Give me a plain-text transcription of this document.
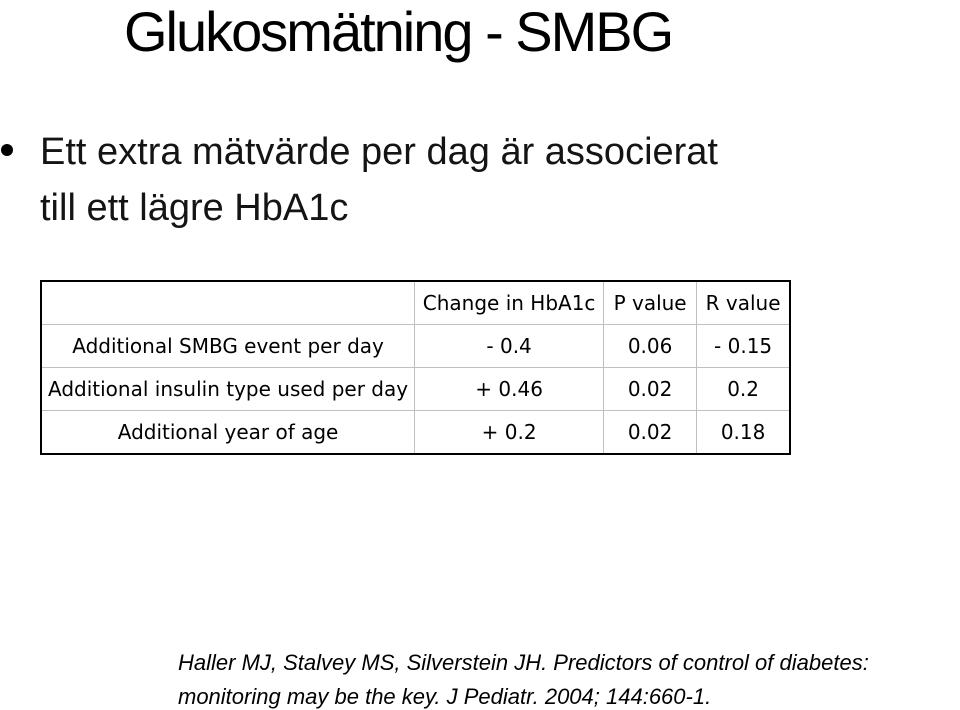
Glukosmätning - SMBG
Ett extra mätvärde per dag är associerat
till ett lägre HbA1c
	Change in HbA1c	P value	R value
Additional SMBG event per day	- 0.4	0.06	- 0.15
Additional insulin type used per day	+ 0.46	0.02	0.2
Additional year of age	+ 0.2	0.02	0.18
Haller MJ, Stalvey MS, Silverstein JH. Predictors of control of diabetes:
monitoring may be the key. J Pediatr. 2004; 144:660-1.
